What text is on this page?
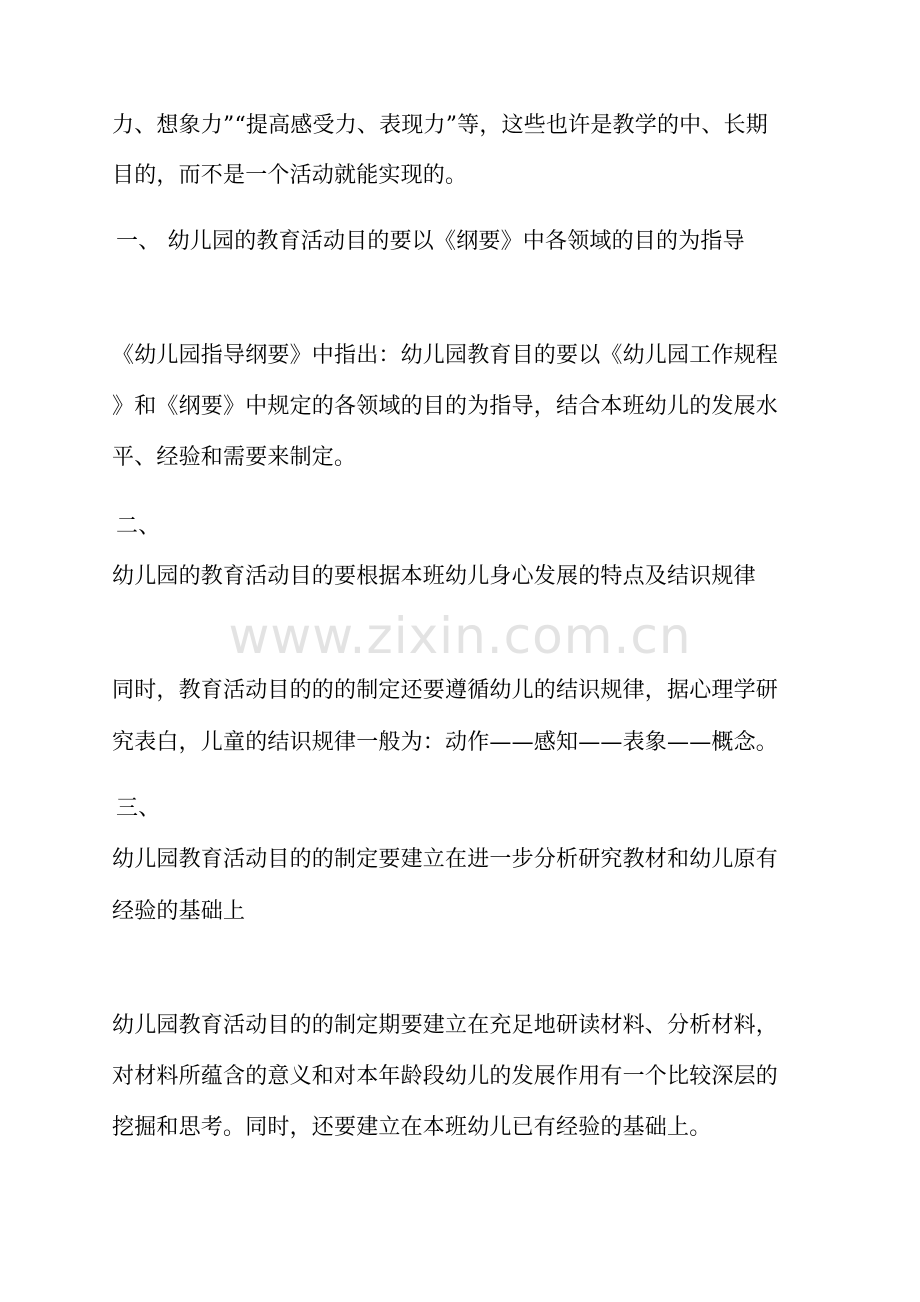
力、想象力”“提高感受力、表现力”等，这些也许是教学的中、长期
目的，而不是一个活动就能实现的。
一、 幼儿园的教育活动目的要以《纲要》中各领域的目的为指导
《幼儿园指导纲要》中指出：幼儿园教育目的要以《幼儿园工作规程
》和《纲要》中规定的各领域的目的为指导，结合本班幼儿的发展水
平、经验和需要来制定。
二、
幼儿园的教育活动目的要根据本班幼儿身心发展的特点及结识规律
同时，教育活动目的的的制定还要遵循幼儿的结识规律，据心理学研
究表白，儿童的结识规律一般为：动作——感知——表象——概念。
三、
幼儿园教育活动目的的制定要建立在进一步分析研究教材和幼儿原有
经验的基础上
幼儿园教育活动目的的制定期要建立在充足地研读材料、分析材料，
对材料所蕴含的意义和对本年龄段幼儿的发展作用有一个比较深层的
挖掘和思考。同时，还要建立在本班幼儿已有经验的基础上。
www.zixin.com.cn
